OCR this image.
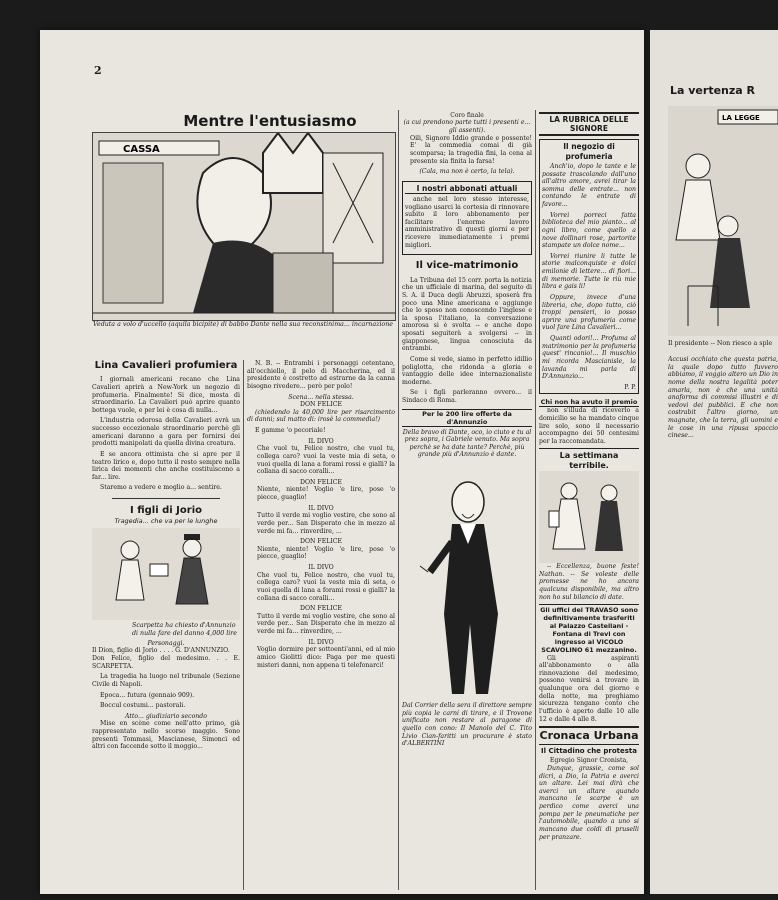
2
Mentre l'entusiasmo
CASSA
Veduta a volo d'uccello (aquila bicipite) di babbo Dante nella sua reconstinima... incarnazione
Lina Cavalieri profumiera

I giornali americani recano che Lina Cavalieri aprirà a New-York un negozio di profumeria. Finalmente! Si dice, mosta di straordinario. La Cavalieri può aprire quanto bottega vuole, e per lei è cosa di nulla...

L'industria odorosa della Cavalieri avrà un successo eccezionale straordinario perchè gli americani daranno a gara per fornirsi dei prodotti manipolati da quella divina creatura.

E se ancora ottimista che si apre per il teatro lirico e, dopo tutto il resto sempre nella lirica dei momenti che anche costituiscono a far... lire.

Staremo a vedere e moglio a... sentire.

I figli di Jorio
Tragedia... che va per le lunghe
Scarpetta ha chiesto d'Annunzio di nulla fare del danno 4,000 lire
Personaggi.
Il Dion, figlio di Jorio . . . . G. D'ANNUNZIO.
Don Felice, figlio del medesimo. . . E. SCARPETTA.

La tragedia ha luogo nel tribunale (Sezione Civile di Napoli.

Epoca... futura (gennaio 909).

Boccul costumi... pastorali.

Atto... giudiziario secondo

Mise en scène come nell'atto primo, già rappresentato nello scorso maggio. Sono presenti Tommasi, Mascianese, Simonci ed altri con faccende sotto il moggio...

N. B. -- Entrambi i personaggi cetentano, all'occhiello, il pelo di Maccherina, ed il presidente è costretto ad estrarne da la canna bisogno rivedere... però per polo!

Scena... nella stessa.
DON FELICE

(chiedendo la 40,000 lire per risarcimento di danni; sul matto di: irosè la commedia!)

E gamme 'o pecoriale!

IL DIVO

Che vuol tu, Felice nostro, che vuol tu, collega caro? vuoi la veste mia di seta, o vuoi quella di lana a forami rossi e gialli? la collana di sacco coralli...

DON FELICE

Niente, niente! Voglio 'e lire, pose 'o piecce, guaglio!

IL DIVO

Tutto il verde mi voglio vestire, che sono al verde per... San Disperato che in mezzo al verde mi fa... rinverdire, ...

DON FELICE

Niente, niente! Voglio 'e lire, pose 'o piecce, guaglio!

IL DIVO

Che vuol tu, Felice nostro, che vuol tu, collega caro? vuoi la veste mia di seta, o vuoi quella di lana a forami rossi e gialli? la collana di sacco coralli...

DON FELICE

Tutto il verde mi voglio vestire, che sono al verde per... San Disperato che in mezzo al verde mi fa... rinverdire, ...

IL DIVO

Voglio dormire per sottoenti'anni, ed al mio amico Giolitti dico: Paga per me questi misteri danni, non appena ti telefonarci!

Coro finale
(a cui prendono parte tutti i presenti e... gli assenti).

Oili, Signore Iddio grande e possente! E' la commedia comai di già scomparsa; la tragedia fini, la cena al presente sia finita la farsa!

(Cala, ma non è certo, la tela).
I nostri abbonati attuali

anche nel loro stesso interesse, vogliano usarci la cortesia di rinnovare subito il loro abbonamento per facilitare l'enorme lavoro amministrativo di questi giorni e per ricevere immediatamente i premi migliori.

Il vice-matrimonio

La Tribuna del 15 corr. porta la notizia che un ufficiale di marina, del seguito di S. A. il Duca degli Abruzzi, sposerà fra poco una Mine americana e aggiunge che lo sposo non conoscendo l'inglese e la sposa l'italiano, la conversazione amorosa si è svolta -- e anche dopo sposati seguiterà a svolgersi -- in giapponese, lingua conosciuta da entrambi.

Come si vede, siamo in perfetto idillio poliglotta, che ridonda a gloria e vantaggio delle idee internazionaliste moderne.

Se i figli parleranno ovvero... il Sindaco di Roma.

Per le 200 lire offerte da d'Annunzio

Della bravo di Dante, oco, io ciuto e tu al prez sopra, i Gabriele venuto. Ma sopra perchè se ha date tante? Perchè, più grande più d'Annunzio è dante.

Dal Corrier della sera il direttore sempre più copia le carni di tirare, e il Trovone unificato non restare al paragone di quello con cono: Il Manolo del C. Tito Livio Cian-faritti un procurare è stato d'ALBERTINI

LA RUBRICA DELLE SIGNORE
Il negozio di profumeria

Anch'io, dopo le tante e le possate trascolando dall'uno all'altro amore, avrei tirar la somma delle entrate... non contando le entrate di favore...

Vorrei porreci fatta biblioteca del mio pianto... al ogni libro, come quello a nove dollinari rose, partorite stampate un dolce nome...

Vorrei riunire li tutte le storie malconquiste e dolci emilonie di lettere... di fiori... di memorie. Tutte le riù mie libra e gais li!

Oppure, invece d'una libreria, che, dopo tutto, ciò troppi pensieri, io posso aprire una profumeria come vuol fare Lina Cavalieri...

Quanti odori!... Profuma al matrimonio per la profumeria quest' rincanio!... Il muschio mi ricorda Mascianisle, la lavanda mi parla di D'Annunzio...

P. P.
Chi non ha avuto il premio

non s'illuda di riceverlo a domicilio se ha mandato cinque lire solo, sono il necessario accompagno dei 50 centesimi per la raccomandata.

La settimana terribile.

-- Eccellenza, buone feste! Nathan. -- Se voleste delle promesse ne ho ancora qualcuna disponibile, ma altro non ho sul bilancio di date.

Gli uffici del TRAVASO sono definitivamente trasferiti al Palazzo Castellani - Fontana di Trevi con ingresso al VICOLO SCAVOLINO 61 mezzanino.

Gli aspiranti all'abbonamento o alla rinnovazione del medesimo, possono venirsi a trovare in qualunque ora del giorno e della notte, ma preghiamo sicurezza tengano conto che l'ufficio è aperto dalle 10 alle 12 e dalle 4 alle 8.

Cronaca Urbana
Il Cittadino che protesta
Egregio Signor Cronista,

Dunque, grassie, come sol dicri, a Dio, la Patria e averci un altare. Lei mai dirà che averci un altare quando mancano le scarpe è un perdico come averci una pompa per le pneumatiche per l'automobile, quando a uno si mancano due coldi di pruselli per pranzare.

La vertenza R
LA LEGGE
Il presidente -- Non riesco a sple
Accusi occhiato che questa patria, la quale dopo tutto fuvvero abbiamo, il voggio altero un Dio in nome della nostra legalità poter amarla, non è che una unità anaforma di commisi illustri e di vedovi dei pubblici. E che non costrabit l'altro giorno, un magnate, che la terra, gli uomini e le cose in una ripusa spaccio cinese...
